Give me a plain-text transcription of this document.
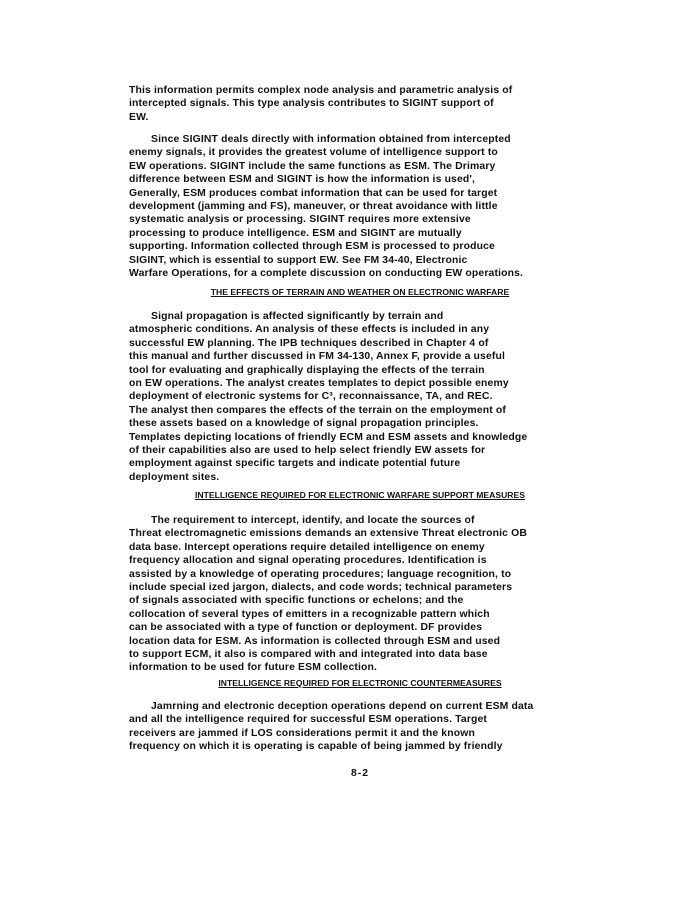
This information permits complex node analysis and parametric analysis of
intercepted signals. This type analysis contributes to SIGINT support of
EW.
Since SIGINT deals directly with information obtained from intercepted
enemy signals, it provides the greatest volume of intelligence support to
EW operations. SIGINT include the same functions as ESM. The Drimary
difference between ESM and SIGINT is how the information is used',
Generally, ESM produces combat information that can be used for target
development (jamming and FS), maneuver, or threat avoidance with little
systematic analysis or processing. SIGINT requires more extensive
processing to produce intelligence. ESM and SIGINT are mutually
supporting. Information collected through ESM is processed to produce
SIGINT, which is essential to support EW. See FM 34-40, Electronic
Warfare Operations, for a complete discussion on conducting EW operations.
THE EFFECTS OF TERRAIN AND WEATHER ON ELECTRONIC WARFARE
Signal propagation is affected significantly by terrain and
atmospheric conditions. An analysis of these effects is included in any
successful EW planning. The IPB techniques described in Chapter 4 of
this manual and further discussed in FM 34-130, Annex F, provide a useful
tool for evaluating and graphically displaying the effects of the terrain
on EW operations. The analyst creates templates to depict possible enemy
deployment of electronic systems for C³, reconnaissance, TA, and REC.
The analyst then compares the effects of the terrain on the employment of
these assets based on a knowledge of signal propagation principles.
Templates depicting locations of friendly ECM and ESM assets and knowledge
of their capabilities also are used to help select friendly EW assets for
employment against specific targets and indicate potential future
deployment sites.
INTELLIGENCE REQUIRED FOR ELECTRONIC WARFARE SUPPORT MEASURES
The requirement to intercept, identify, and locate the sources of
Threat electromagnetic emissions demands an extensive Threat electronic OB
data base. Intercept operations require detailed intelligence on enemy
frequency allocation and signal operating procedures. Identification is
assisted by a knowledge of operating procedures; language recognition, to
include special ized jargon, dialects, and code words; technical parameters
of signals associated with specific functions or echelons; and the
collocation of several types of emitters in a recognizable pattern which
can be associated with a type of function or deployment. DF provides
location data for ESM. As information is collected through ESM and used
to support ECM, it also is compared with and integrated into data base
information to be used for future ESM collection.
INTELLIGENCE REQUIRED FOR ELECTRONIC COUNTERMEASURES
Jamrning and electronic deception operations depend on current ESM data
and all the intelligence required for successful ESM operations. Target
receivers are jammed if LOS considerations permit it and the known
frequency on which it is operating is capable of being jammed by friendly
8-2
